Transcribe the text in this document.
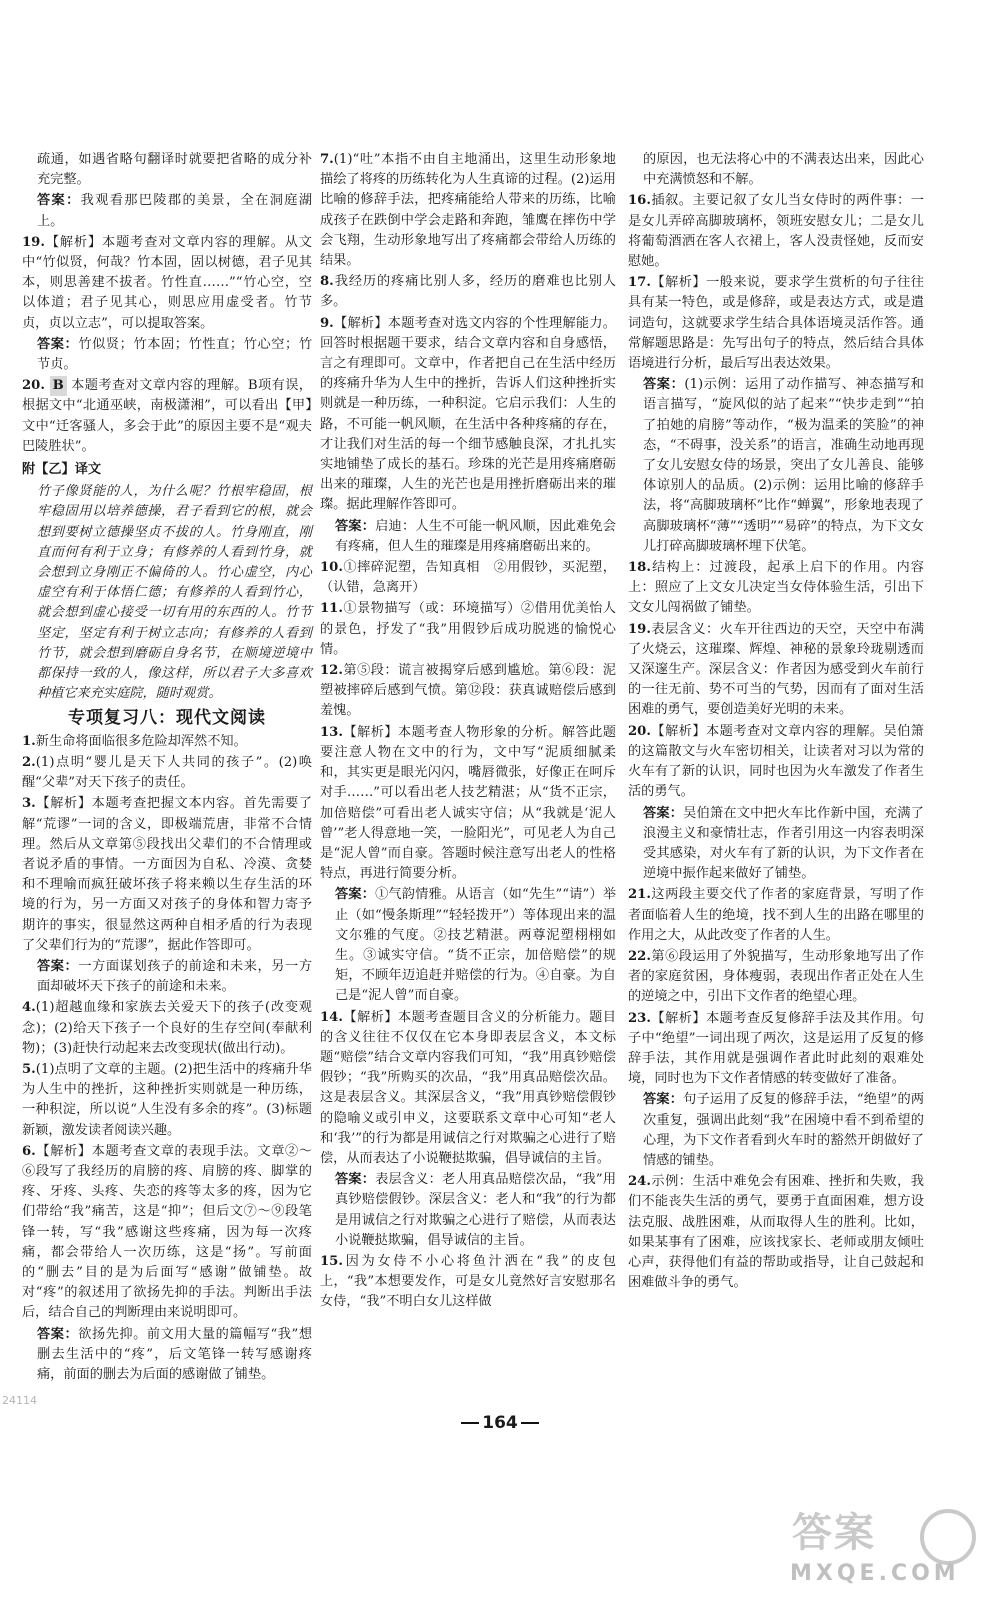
疏通，如遇省略句翻译时就要把省略的成分补充完整。
答案：我观看那巴陵郡的美景，全在洞庭湖上。
19.【解析】本题考查对文章内容的理解。从文中“竹似贤，何哉？竹本固，固以树德，君子见其本，则思善建不拔者。竹性直……”“竹心空，空以体道；君子见其心，则思应用虚受者。竹节贞，贞以立志”，可以提取答案。
答案：竹似贤；竹本固；竹性直；竹心空；竹节贞。
20. B 本题考查对文章内容的理解。B项有误，根据文中“北通巫峡，南极潇湘”，可以看出【甲】文中“迁客骚人，多会于此”的原因主要不是“观夫巴陵胜状”。
附【乙】译文
竹子像贤能的人，为什么呢？竹根牢稳固，根牢稳固用以培养德操，君子看到它的根，就会想到要树立德操坚贞不拔的人。竹身刚直，刚直而何有利于立身；有修养的人看到竹身，就会想到立身刚正不偏倚的人。竹心虚空，内心虚空有利于体悟仁德；有修养的人看到竹心，就会想到虚心接受一切有用的东西的人。竹节坚定，坚定有利于树立志向；有修养的人看到竹节，就会想到磨砺自身名节，在顺境逆境中都保持一致的人，像这样，所以君子大多喜欢种植它来充实庭院，随时观赏。
专项复习八：现代文阅读
1.新生命将面临很多危险却浑然不知。
2.(1)点明“婴儿是天下人共同的孩子”。(2)唤醒“父辈”对天下孩子的责任。
3.【解析】本题考查把握文本内容。首先需要了解“荒谬”一词的含义，即极端荒唐，非常不合情理。然后从文章第⑤段找出父辈们的不合情理或者说矛盾的事情。一方面因为自私、冷漠、贪婪和不理喻而疯狂破坏孩子将来赖以生存生活的环境的行为，另一方面又对孩子的身体和智力寄予期许的事实，很显然这两种自相矛盾的行为表现了父辈们行为的“荒谬”，据此作答即可。
答案：一方面谋划孩子的前途和未来，另一方面却破坏天下孩子的前途和未来。
4.(1)超越血缘和家族去关爱天下的孩子(改变观念)；(2)给天下孩子一个良好的生存空间(奉献利物)；(3)赶快行动起来去改变现状(做出行动)。
5.(1)点明了文章的主题。(2)把生活中的疼痛升华为人生中的挫折，这种挫折实则就是一种历练，一种积淀，所以说“人生没有多余的疼”。(3)标题新颖，激发读者阅读兴趣。
6.【解析】本题考查文章的表现手法。文章②～⑥段写了我经历的肩膀的疼、肩膀的疼、脚掌的疼、牙疼、头疼、失恋的疼等太多的疼，因为它们带给“我”痛苦，这是“抑”；但后文⑦～⑨段笔锋一转，写“我”感谢这些疼痛，因为每一次疼痛，都会带给人一次历练，这是“扬”。写前面的“删去”目的是为后面写“感谢”做铺垫。故对“疼”的叙述用了欲扬先抑的手法。判断出手法后，结合自己的判断理由来说明即可。
答案：欲扬先抑。前文用大量的篇幅写“我”想删去生活中的“疼”，后文笔锋一转写感谢疼痛，前面的删去为后面的感谢做了铺垫。
7.(1)“吐”本指不由自主地涌出，这里生动形象地描绘了将疼的历练转化为人生真谛的过程。(2)运用比喻的修辞手法，把疼痛能给人带来的历练，比喻成孩子在跌倒中学会走路和奔跑，雏鹰在摔伤中学会飞翔，生动形象地写出了疼痛都会带给人历练的结果。
8.我经历的疼痛比别人多，经历的磨难也比别人多。
9.【解析】本题考查对选文内容的个性理解能力。回答时根据题干要求，结合文章内容和自身感悟，言之有理即可。文章中，作者把自己在生活中经历的疼痛升华为人生中的挫折，告诉人们这种挫折实则就是一种历练，一种积淀。它启示我们：人生的路，不可能一帆风顺，在生活中各种疼痛的存在，才让我们对生活的每一个细节感触良深，才扎扎实实地铺垫了成长的基石。珍珠的光芒是用疼痛磨砺出来的璀璨，人生的光芒也是用挫折磨砺出来的璀璨。据此理解作答即可。
答案：启迪：人生不可能一帆风顺，因此难免会有疼痛，但人生的璀璨是用疼痛磨砺出来的。
10.①摔碎泥塑，告知真相　②用假钞，买泥塑，（认错，急离开）
11.①景物描写（或：环境描写）②借用优美怡人的景色，抒发了“我”用假钞后成功脱逃的愉悦心情。
12.第⑤段：谎言被揭穿后感到尴尬。第⑥段：泥塑被摔碎后感到气愤。第⑫段：获真诚赔偿后感到羞愧。
13.【解析】本题考查人物形象的分析。解答此题要注意人物在文中的行为，文中写“泥质细腻柔和，其实更是眼光闪闪，嘴唇微张，好像正在呵斥对手……”可以看出老人技艺精湛；从“货不正宗，加倍赔偿”可看出老人诚实守信；从“我就是‘泥人曾’”老人得意地一笑，一脸阳光”，可见老人为自己是“泥人曾”而自豪。答题时候注意写出老人的性格特点，再进行简要分析。
答案：①气韵情雅。从语言（如“先生”“请”）举止（如“慢条斯理”“轻轻拨开”）等体现出来的温文尔雅的气度。②技艺精湛。两尊泥塑栩栩如生。③诚实守信。“货不正宗，加倍赔偿”的规矩，不顾年迈追赶并赔偿的行为。④自豪。为自己是“泥人曾”而自豪。
14.【解析】本题考查题目含义的分析能力。题目的含义往往不仅仅在它本身即表层含义，本文标题“赔偿”结合文章内容我们可知，“我”用真钞赔偿假钞；“我”所购买的次品，“我”用真品赔偿次品。这是表层含义。其深层含义，“我”用真钞赔偿假钞的隐喻义或引申义，这要联系文章中心可知“老人和‘我’”的行为都是用诚信之行对欺骗之心进行了赔偿，从而表达了小说鞭挞欺骗，倡导诚信的主旨。
答案：表层含义：老人用真品赔偿次品，“我”用真钞赔偿假钞。深层含义：老人和“我”的行为都是用诚信之行对欺骗之心进行了赔偿，从而表达小说鞭挞欺骗，倡导诚信的主旨。
15.因为女侍不小心将鱼汁洒在“我”的皮包上，“我”本想要发作，可是女儿竟然好言安慰那名女侍，“我”不明白女儿这样做
的原因，也无法将心中的不满表达出来，因此心中充满愤怒和不解。
16.插叙。主要记叙了女儿当女侍时的两件事：一是女儿弄碎高脚玻璃杯，领班安慰女儿；二是女儿将葡萄酒洒在客人衣裙上，客人没责怪她，反而安慰她。
17.【解析】一般来说，要求学生赏析的句子往往具有某一特色，或是修辞，或是表达方式，或是遣词造句，这就要求学生结合具体语境灵活作答。通常解题思路是：先写出句子的特点，然后结合具体语境进行分析，最后写出表达效果。
答案：(1)示例：运用了动作描写、神态描写和语言描写，“旋风似的站了起来”“快步走到”“拍了拍她的肩膀”等动作，“极为温柔的笑脸”的神态，“不碍事，没关系”的语言，准确生动地再现了女儿安慰女侍的场景，突出了女儿善良、能够体谅别人的品质。(2)示例：运用比喻的修辞手法，将“高脚玻璃杯”比作“蝉翼”，形象地表现了高脚玻璃杯“薄”“透明”“易碎”的特点，为下文女儿打碎高脚玻璃杯埋下伏笔。
18.结构上：过渡段，起承上启下的作用。内容上：照应了上文女儿决定当女侍体验生活，引出下文女儿闯祸做了铺垫。
19.表层含义：火车开往西边的天空，天空中布满了火烧云，这璀璨、辉煌、神秘的景象玲珑剔透而又深邃生产。深层含义：作者因为感受到火车前行的一往无前、势不可当的气势，因而有了面对生活困难的勇气，要创造美好光明的未来。
20.【解析】本题考查对文章内容的理解。吴伯箫的这篇散文与火车密切相关，让读者对习以为常的火车有了新的认识，同时也因为火车激发了作者生活的勇气。
答案：吴伯箫在文中把火车比作新中国，充满了浪漫主义和豪情壮志，作者引用这一内容表明深受其感染，对火车有了新的认识，为下文作者在逆境中振作起来做好了铺垫。
21.这两段主要交代了作者的家庭背景，写明了作者面临着人生的绝境，找不到人生的出路在哪里的作用之大，从此改变了作者的人生。
22.第⑥段运用了外貌描写，生动形象地写出了作者的家庭贫困，身体瘦弱，表现出作者正处在人生的逆境之中，引出下文作者的绝望心理。
23.【解析】本题考查反复修辞手法及其作用。句子中“绝望”一词出现了两次，这是运用了反复的修辞手法，其作用就是强调作者此时此刻的艰难处境，同时也为下文作者情感的转变做好了准备。
答案：句子运用了反复的修辞手法，“绝望”的两次重复，强调出此刻“我”在困境中看不到希望的心理，为下文作者看到火车时的豁然开朗做好了情感的铺垫。
24.示例：生活中难免会有困难、挫折和失败，我们不能丧失生活的勇气，要勇于直面困难，想方设法克服、战胜困难，从而取得人生的胜利。比如，如果某事有了困难，应该找家长、老师或朋友倾吐心声，获得他们有益的帮助或指导，让自己鼓起和困难做斗争的勇气。
24114
164
答案
MXQE.COM
